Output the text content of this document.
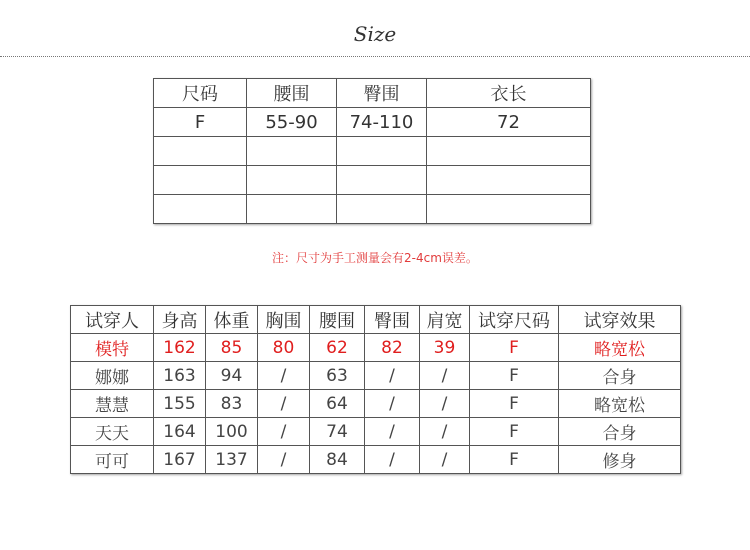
Size
尺码	腰围	臀围	衣长
F	55-90	74-110	72

注：尺寸为手工测量会有2-4cm误差。
试穿人	身高	体重	胸围	腰围	臀围	肩宽	试穿尺码	试穿效果
模特	162	85	80	62	82	39	F	略宽松
娜娜	163	94	/	63	/	/	F	合身
慧慧	155	83	/	64	/	/	F	略宽松
天天	164	100	/	74	/	/	F	合身
可可	167	137	/	84	/	/	F	修身
